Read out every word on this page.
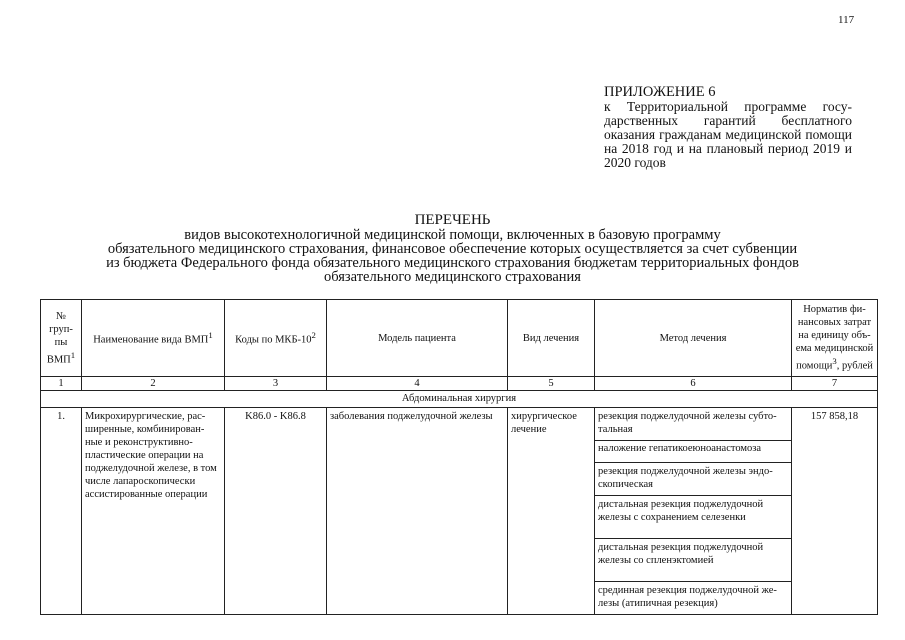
117
ПРИЛОЖЕНИЕ 6
к Территориальной программе госу-дарственных гарантий бесплатного оказания гражданам медицинской помощи на 2018 год и на плановый период 2019 и 2020 годов
ПЕРЕЧЕНЬ
видов высокотехнологичной медицинской помощи, включенных в базовую программу
обязательного медицинского страхования, финансовое обеспечение которых осуществляется за счет субвенции
из бюджета Федерального фонда обязательного медицинского страхования бюджетам территориальных фондов
обязательного медицинского страхования
№ груп-пы ВМП$^1$	Наименование вида ВМП$^1$	Коды по МКБ-$10^2$	Модель пациента	Вид лечения	Метод лечения	Норматив фи-нансовых затрат на единицу объ-ема медицинской помощи$^3$, рублей
1	2	3	4	5	6	7
Абдоминальная хирургия						
1.	Микрохирургические, рас-ширенные, комбинирован-ные и реконструктивно-пластические операции на поджелудочной железе, в том числе лапароскопически ассистированные операции	K86.0 - K86.8	заболевания поджелудочной железы	хирургическое лечение	резекция поджелудочной железы субто-тальная	157 858,18
					наложение гепатикоеюноанастомоза	
					резекция поджелудочной железы эндо-скопическая	
					дистальная резекция поджелудочной железы с сохранением селезенки	
					дистальная резекция поджелудочной железы со спленэктомией	
					срединная резекция поджелудочной же-лезы (атипичная резекция)	
